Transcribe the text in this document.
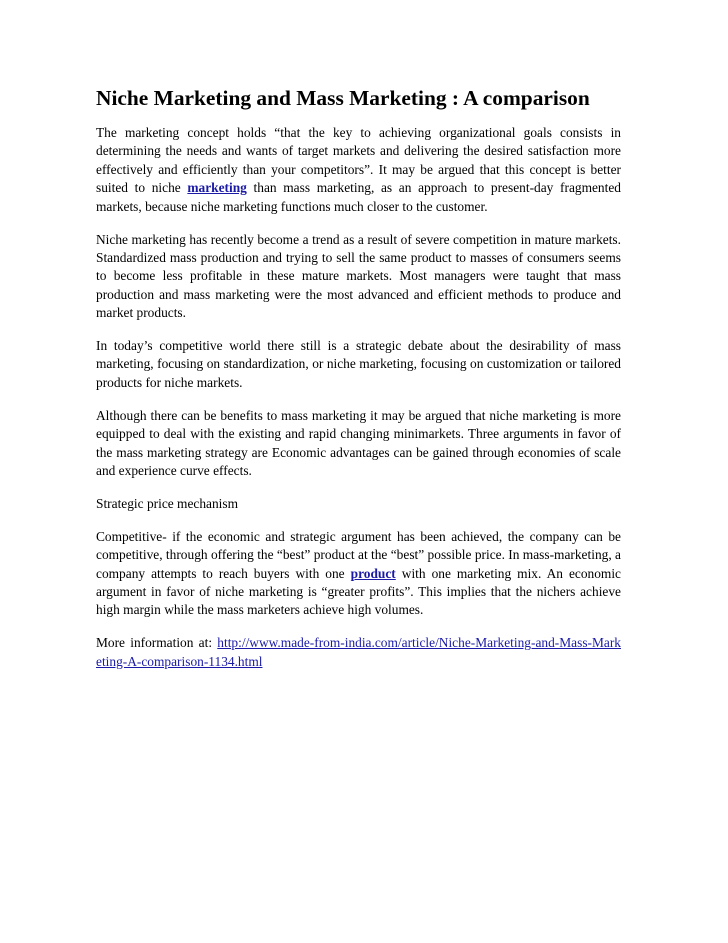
Niche Marketing and Mass Marketing : A comparison

The marketing concept holds “that the key to achieving organizational goals consists in determining the needs and wants of target markets and delivering the desired satisfaction more effectively and efficiently than your competitors”. It may be argued that this concept is better suited to niche marketing than mass marketing, as an approach to present-day fragmented markets, because niche marketing functions much closer to the customer.

Niche marketing has recently become a trend as a result of severe competition in mature markets. Standardized mass production and trying to sell the same product to masses of consumers seems to become less profitable in these mature markets. Most managers were taught that mass production and mass marketing were the most advanced and efficient methods to produce and market products.

In today’s competitive world there still is a strategic debate about the desirability of mass marketing, focusing on standardization, or niche marketing, focusing on customization or tailored products for niche markets.

Although there can be benefits to mass marketing it may be argued that niche marketing is more equipped to deal with the existing and rapid changing minimarkets. Three arguments in favor of the mass marketing strategy are Economic advantages can be gained through economies of scale and experience curve effects.

Strategic price mechanism

Competitive- if the economic and strategic argument has been achieved, the company can be competitive, through offering the “best” product at the “best” possible price. In mass-marketing, a company attempts to reach buyers with one product with one marketing mix. An economic argument in favor of niche marketing is “greater profits”. This implies that the nichers achieve high margin while the mass marketers achieve high volumes.

More information at: http://www.made-from-india.com/article/Niche-Marketing-and-Mass-Marketing-A-comparison-1134.html
